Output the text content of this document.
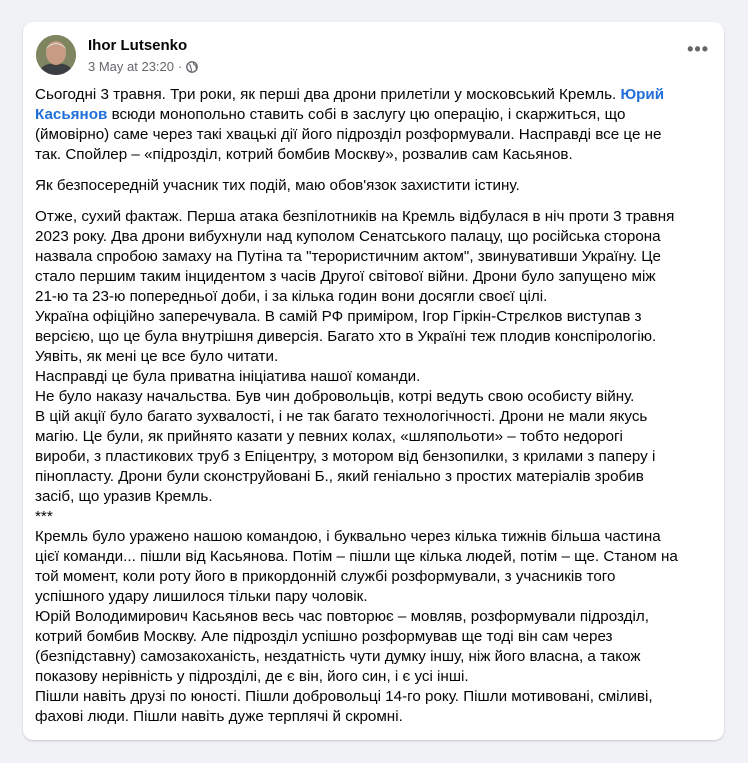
Ihor Lutsenko
3 May at 23:20 ·
•••
Сьогодні 3 травня. Три роки, як перші два дрони прилетіли у московський Кремль. Юрий
Касьянов всюди монопольно ставить собі в заслугу цю операцію, і скаржиться, що
(ймовірно) саме через такі хвацькі дії його підрозділ розформували. Насправді все це не
так. Спойлер – «підрозділ, котрий бомбив Москву», розвалив сам Касьянов.
Як безпосередній учасник тих подій, маю обов'язок захистити істину.
Отже, сухий фактаж. Перша атака безпілотників на Кремль відбулася в ніч проти 3 травня
2023 року. Два дрони вибухнули над куполом Сенатського палацу, що російська сторона
назвала спробою замаху на Путіна та "терористичним актом", звинувативши Україну. Це
стало першим таким інцидентом з часів Другої світової війни. Дрони було запущено між
21-ю та 23-ю попередньої доби, і за кілька годин вони досягли своєї цілі.
Україна офіційно заперечувала. В самій РФ приміром, Ігор Гіркін-Стрєлков виступав з
версією, що це була внутрішня диверсія. Багато хто в Україні теж плодив конспірологію.
Уявіть, як мені це все було читати.
Насправді це була приватна ініціатива нашої команди.
Не було наказу начальства. Був чин добровольців, котрі ведуть свою особисту війну.
В цій акції було багато зухвалості, і не так багато технологічності. Дрони не мали якусь
магію. Це були, як прийнято казати у певних колах, «шляпольоти» – тобто недорогі
вироби, з пластикових труб з Епіцентру, з мотором від бензопилки, з крилами з паперу і
пінопласту. Дрони були сконструйовані Б., який геніально з простих матеріалів зробив
засіб, що уразив Кремль.
***
Кремль було уражено нашою командою, і буквально через кілька тижнів більша частина
цієї команди... пішли від Касьянова. Потім – пішли ще кілька людей, потім – ще. Станом на
той момент, коли роту його в прикордонній службі розформували, з учасників того
успішного удару лишилося тільки пару чоловік.
Юрій Володимирович Касьянов весь час повторює – мовляв, розформували підрозділ,
котрий бомбив Москву. Але підрозділ успішно розформував ще тоді він сам через
(безпідставну) самозакоханість, нездатність чути думку іншу, ніж його власна, а також
показову нерівність у підрозділі, де є він, його син, і є усі інші.
Пішли навіть друзі по юності. Пішли добровольці 14-го року. Пішли мотивовані, сміливі,
фахові люди. Пішли навіть дуже терплячі й скромні.
